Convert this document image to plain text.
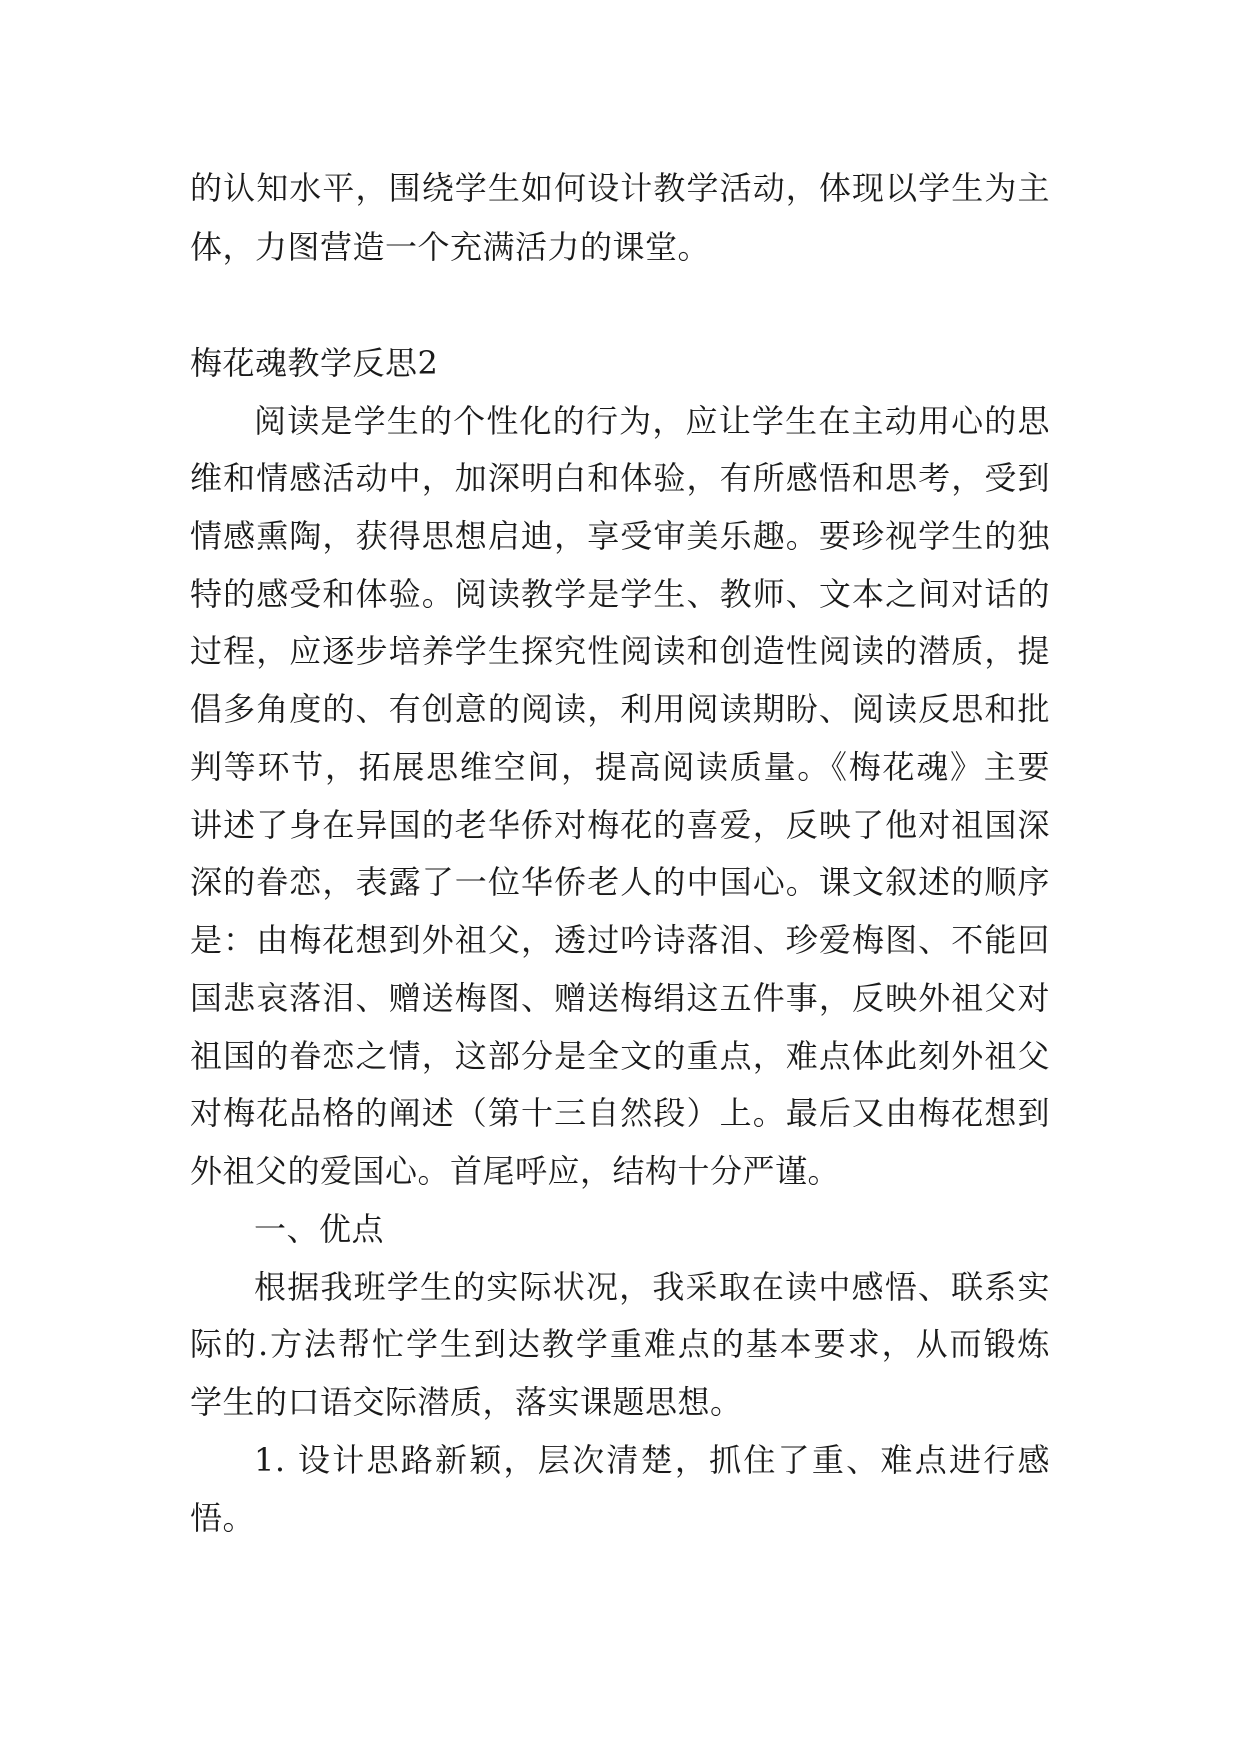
的认知水平，围绕学生如何设计教学活动，体现以学生为主
体，力图营造一个充满活力的课堂。
梅花魂教学反思2
阅读是学生的个性化的行为，应让学生在主动用心的思
维和情感活动中，加深明白和体验，有所感悟和思考，受到
情感熏陶，获得思想启迪，享受审美乐趣。要珍视学生的独
特的感受和体验。阅读教学是学生、教师、文本之间对话的
过程，应逐步培养学生探究性阅读和创造性阅读的潜质，提
倡多角度的、有创意的阅读，利用阅读期盼、阅读反思和批
判等环节，拓展思维空间，提高阅读质量。《梅花魂》主要
讲述了身在异国的老华侨对梅花的喜爱，反映了他对祖国深
深的眷恋，表露了一位华侨老人的中国心。课文叙述的顺序
是：由梅花想到外祖父，透过吟诗落泪、珍爱梅图、不能回
国悲哀落泪、赠送梅图、赠送梅绢这五件事，反映外祖父对
祖国的眷恋之情，这部分是全文的重点，难点体此刻外祖父
对梅花品格的阐述（第十三自然段）上。最后又由梅花想到
外祖父的爱国心。首尾呼应，结构十分严谨。
一、优点
根据我班学生的实际状况，我采取在读中感悟、联系实
际的.方法帮忙学生到达教学重难点的基本要求，从而锻炼
学生的口语交际潜质，落实课题思想。
1. 设计思路新颖，层次清楚，抓住了重、难点进行感
悟。
